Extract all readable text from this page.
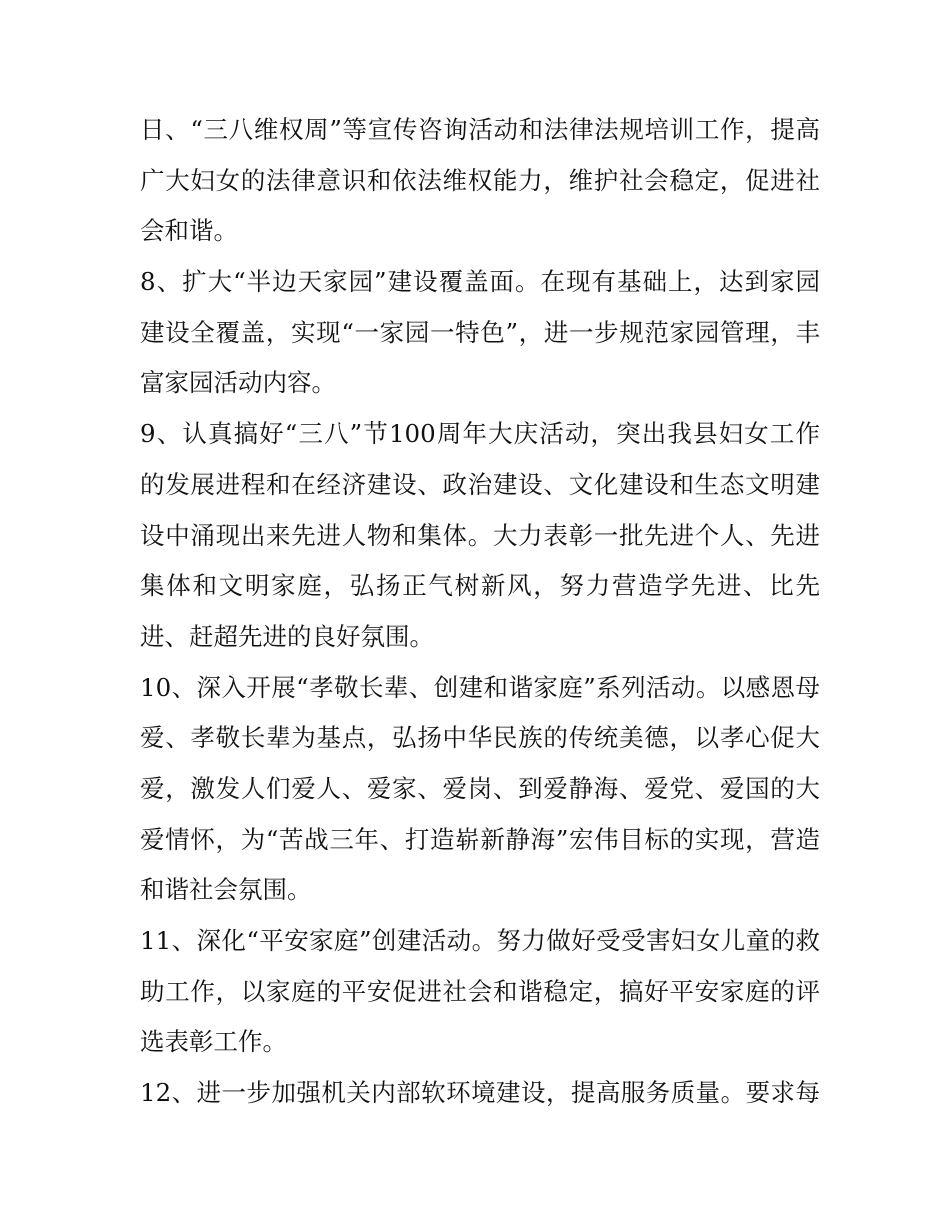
日、“三八维权周”等宣传咨询活动和法律法规培训工作，提高
广大妇女的法律意识和依法维权能力，维护社会稳定，促进社
会和谐。
8、扩大“半边天家园”建设覆盖面。在现有基础上，达到家园
建设全覆盖，实现“一家园一特色”，进一步规范家园管理，丰
富家园活动内容。
9、认真搞好“三八”节100周年大庆活动，突出我县妇女工作
的发展进程和在经济建设、政治建设、文化建设和生态文明建
设中涌现出来先进人物和集体。大力表彰一批先进个人、先进
集体和文明家庭，弘扬正气树新风，努力营造学先进、比先
进、赶超先进的良好氛围。
10、深入开展“孝敬长辈、创建和谐家庭”系列活动。以感恩母
爱、孝敬长辈为基点，弘扬中华民族的传统美德，以孝心促大
爱，激发人们爱人、爱家、爱岗、到爱静海、爱党、爱国的大
爱情怀，为“苦战三年、打造崭新静海”宏伟目标的实现，营造
和谐社会氛围。
11、深化“平安家庭”创建活动。努力做好受受害妇女儿童的救
助工作，以家庭的平安促进社会和谐稳定，搞好平安家庭的评
选表彰工作。
12、进一步加强机关内部软环境建设，提高服务质量。要求每
